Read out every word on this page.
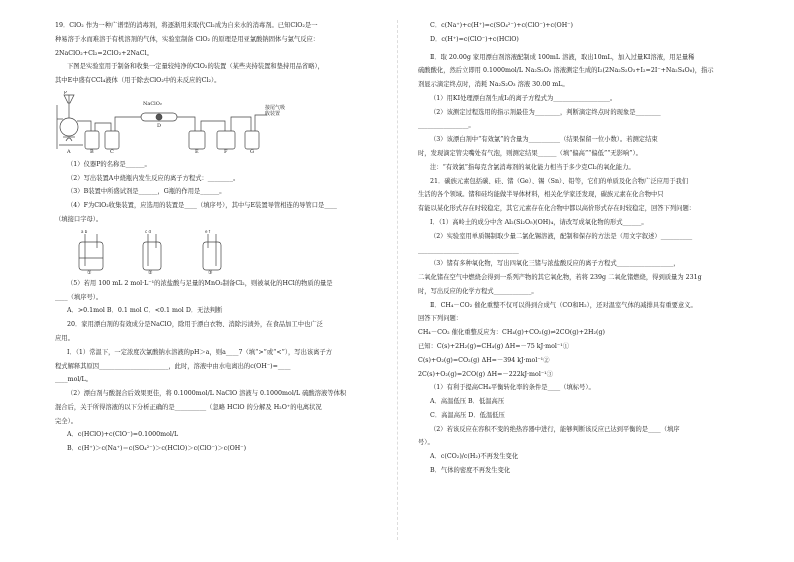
19．ClO₂ 作为一种广谱型的消毒剂，将逐渐用来取代Cl₂成为自来水的消毒剂。已知ClO₂是一
种易溶于水而难溶于有机溶剂的气体，实验室制备 ClO₂ 的原理是用亚氯酸钠固体与氯气反应：
2NaClO₂+Cl₂=2ClO₂+2NaCl。
下图是实验室用于制备和收集一定量较纯净的ClO₂的装置（某些夹持装置和垫持用品省略），
其中E中盛有CCl₄液体（用于除去ClO₂中的未反应的Cl₂）。
P
NaClO₂
接尾气吸收装置
A	B	C
D
E	F	G
（1）仪器P的名称是______。
（2）写出装置A中烧瓶内发生反应的离子方程式：________。
（3）B装置中所盛试剂是______，G瓶的作用是______。
（4）F为ClO₂收集装置，应选用的装置是____（填序号），其中与E装置导管相连的导管口是____
（填接口字母）。
a b	c d	e f
①	②	③
（5）若用 100 mL 2 mol·L⁻¹的浓盐酸与足量的MnO₂制备Cl₂，则被氧化的HCl的物质的量是
____（填序号）。
A．>0.1mol B．0.1 mol C．<0.1 mol D．无法判断
20．家用漂白剂的有效成分是NaClO，除用于漂白衣物、消除污渍外，在食品加工中也广泛
应用。
Ⅰ．（1）常温下，一定浓度次氯酸钠水溶液的pH＞a，则a____7（填“>”或“<”），写出该离子方
程式解释其原因______________________，此时，溶液中由水电离出的c(OH⁻)=____
____mol/L。
（2）漂白剂与酸混合后效果更佳，将 0.1000mol/L NaClO 溶液与 0.1000mol/L 硫酸溶液等体积
混合后，关于所得溶液的以下分析正确的是__________（忽略 HClO 的分解及 H₂O⁺的电离状况
完全）。
A．c(HClO)+c(ClO⁻)=0.1000mol/L
B．c(H⁺)＞c(Na⁺)＝c(SO₄²⁻)＞c(HClO)＞c(ClO⁻)＞c(OH⁻)
C．c(Na⁺)+c(H⁺)=c(SO₄²⁻)+c(ClO⁻)+c(OH⁻)
D．c(H⁺)=c(ClO⁻)+c(HClO)
Ⅱ．取 20.00g 家用漂白剂溶液配制成 100mL 溶液，取出10mL，加入过量KI溶液，用足量稀
硫酸酸化，然后立即用 0.1000mol/L Na₂S₂O₃ 溶液测定生成的I₂(2Na₂S₂O₃+I₂=2I⁻+Na₂S₄O₆)，指示
剂显示滴定终点时，消耗 Na₂S₂O₃ 溶液 30.00 mL。
（1）用KI处理漂白剂生成I₂的离子方程式为__________________。
（2）该测定过程选用的指示剂最佳为________，判断滴定终点时的现象是________
________________。
（3）该漂白剂中“有效氯”的含量为__________（结果保留一位小数）。若测定结束
时，发现滴定管尖嘴处有气泡，则测定结果______（填“偏高”“偏低”“无影响”）。
注：“有效氯”指每克含氯消毒剂的氧化能力相当于多少克Cl₂的氧化能力。
21．碳族元素包括碳、硅、锗（Ge）、锡（Sn）、铅等，它们的单质及化合物广泛应用于我们
生活的各个领域。锗和硅均能做半导体材料，相关化学家还发现，碳族元素在化合物中只
有能以某化形式存在时较稳定，其它元素存在化合物中都以高价形式存在时较稳定，回答下列问题：
Ⅰ．（1）高岭土的成分中含 Al₂(Si₂O₅)(OH)₄，请改写成氧化物的形式______。
（2）实验室用单质锡制取少量二氯化锡溶液，配制和保存的方法是（用文字叙述）__________
________________________________
（3）锗有多种氧化物，写出四氧化三锗与浓盐酸反应的离子方程式__________________，
二氧化锗在空气中燃烧会得到一系列产物的其它氧化物，若将 239g 二氧化锗燃烧，得到质量为 231g
时，写出反应的化学方程式____________。
Ⅱ．CH₄－CO₂ 催化重整不仅可以得到合成气（CO和H₂），还对温室气体的减排具有重要意义。
回答下列问题：
CH₄－CO₂ 催化重整反应为：CH₄(g)+CO₂(g)⇌2CO(g)+2H₂(g)
已知：C(s)+2H₂(g)=CH₄(g) ΔH=－75 kJ·mol⁻¹①
C(s)+O₂(g)=CO₂(g) ΔH=－394 kJ·mol⁻¹②
2C(s)+O₂(g)=2CO(g) ΔH=－222kJ·mol⁻¹③
（1）有利于提高CH₄平衡转化率的条件是____（填标号）。
A．高温低压 B．低温高压
C．高温高压 D．低温低压
（2）若该反应在容积不变的绝热容器中进行，能够判断该反应已达到平衡的是____（填序
号）。
A．c(CO₂)/c(H₂)不再发生变化
B．气体的密度不再发生变化
